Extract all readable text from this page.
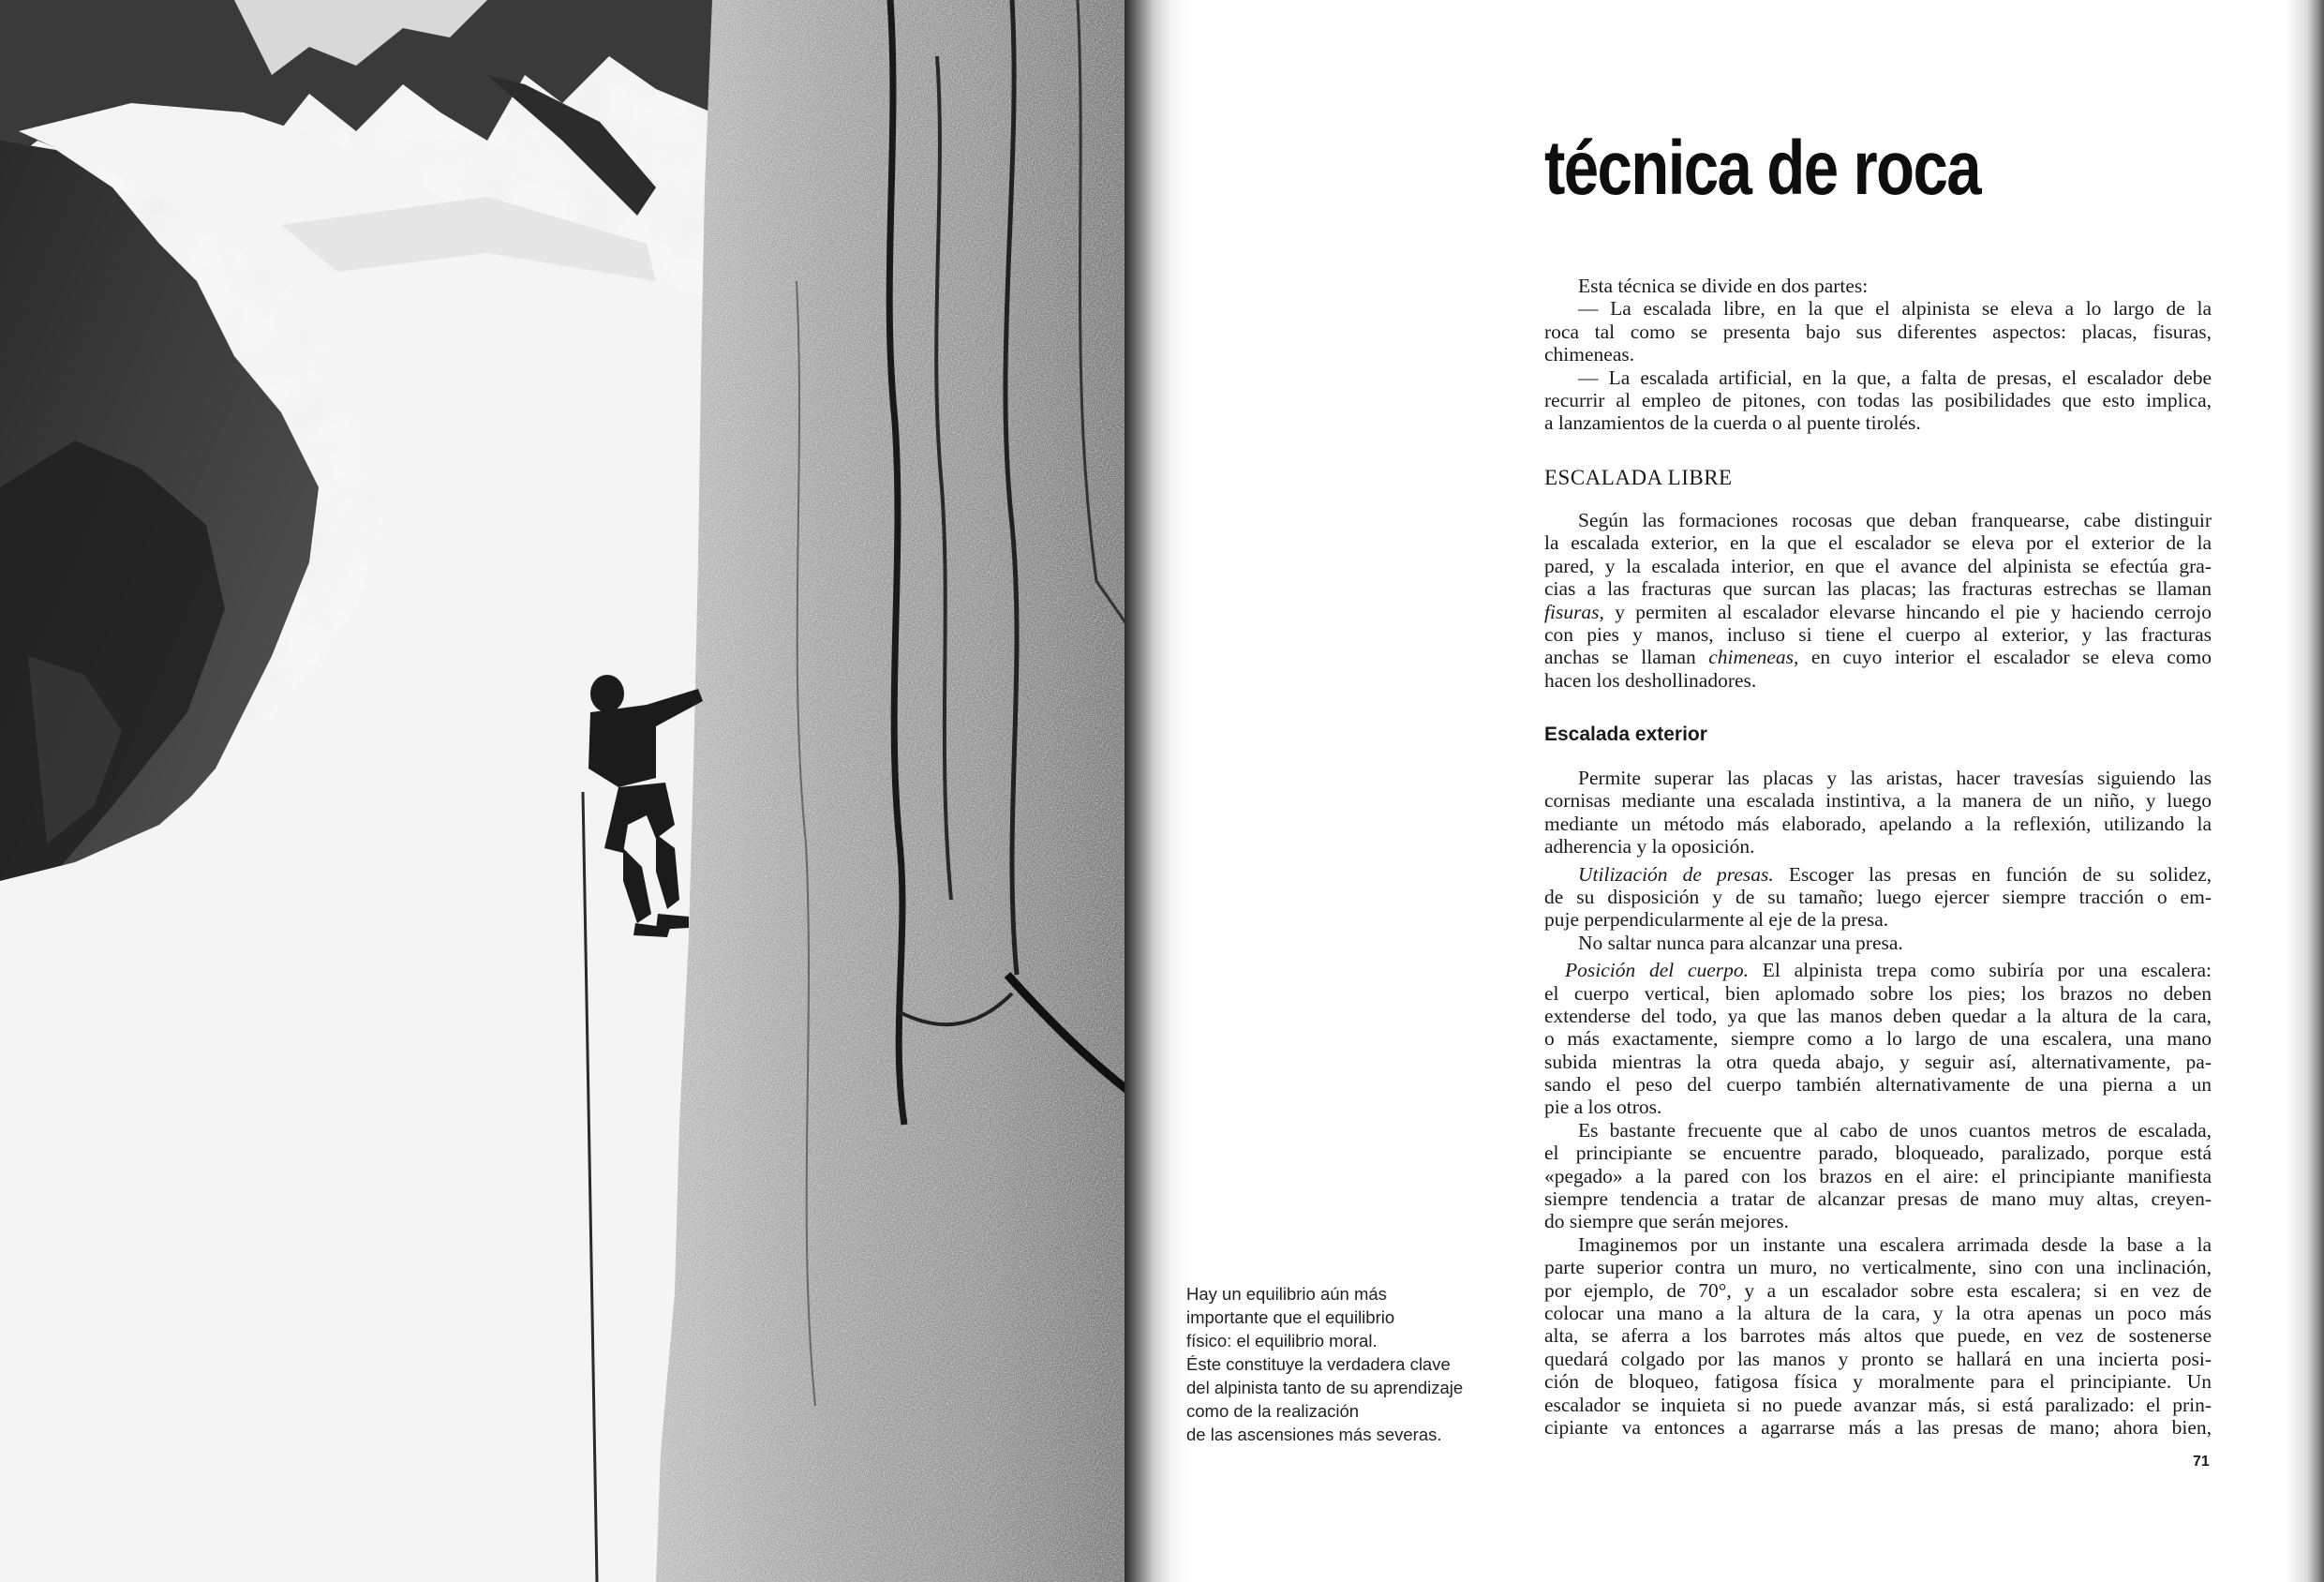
Hay un equilibrio aún más
importante que el equilibrio
físico: el equilibrio moral.
Éste constituye la verdadera clave
del alpinista tanto de su aprendizaje
como de la realización
de las ascensiones más severas.
técnica de roca
Esta técnica se divide en dos partes:
— La escalada libre, en la que el alpinista se eleva a lo largo de la
roca tal como se presenta bajo sus diferentes aspectos: placas, fisuras,
chimeneas.
— La escalada artificial, en la que, a falta de presas, el escalador debe
recurrir al empleo de pitones, con todas las posibilidades que esto implica,
a lanzamientos de la cuerda o al puente tirolés.
ESCALADA LIBRE
Según las formaciones rocosas que deban franquearse, cabe distinguir
la escalada exterior, en la que el escalador se eleva por el exterior de la
pared, y la escalada interior, en que el avance del alpinista se efectúa gra-
cias a las fracturas que surcan las placas; las fracturas estrechas se llaman
fisuras, y permiten al escalador elevarse hincando el pie y haciendo cerrojo
con pies y manos, incluso si tiene el cuerpo al exterior, y las fracturas
anchas se llaman chimeneas, en cuyo interior el escalador se eleva como
hacen los deshollinadores.
Escalada exterior
Permite superar las placas y las aristas, hacer travesías siguiendo las
cornisas mediante una escalada instintiva, a la manera de un niño, y luego
mediante un método más elaborado, apelando a la reflexión, utilizando la
adherencia y la oposición.
Utilización de presas. Escoger las presas en función de su solidez,
de su disposición y de su tamaño; luego ejercer siempre tracción o em-
puje perpendicularmente al eje de la presa.
No saltar nunca para alcanzar una presa.
Posición del cuerpo. El alpinista trepa como subiría por una escalera:
el cuerpo vertical, bien aplomado sobre los pies; los brazos no deben
extenderse del todo, ya que las manos deben quedar a la altura de la cara,
o más exactamente, siempre como a lo largo de una escalera, una mano
subida mientras la otra queda abajo, y seguir así, alternativamente, pa-
sando el peso del cuerpo también alternativamente de una pierna a un
pie a los otros.
Es bastante frecuente que al cabo de unos cuantos metros de escalada,
el principiante se encuentre parado, bloqueado, paralizado, porque está
«pegado» a la pared con los brazos en el aire: el principiante manifiesta
siempre tendencia a tratar de alcanzar presas de mano muy altas, creyen-
do siempre que serán mejores.
Imaginemos por un instante una escalera arrimada desde la base a la
parte superior contra un muro, no verticalmente, sino con una inclinación,
por ejemplo, de 70°, y a un escalador sobre esta escalera; si en vez de
colocar una mano a la altura de la cara, y la otra apenas un poco más
alta, se aferra a los barrotes más altos que puede, en vez de sostenerse
quedará colgado por las manos y pronto se hallará en una incierta posi-
ción de bloqueo, fatigosa física y moralmente para el principiante. Un
escalador se inquieta si no puede avanzar más, si está paralizado: el prin-
cipiante va entonces a agarrarse más a las presas de mano; ahora bien,
71
